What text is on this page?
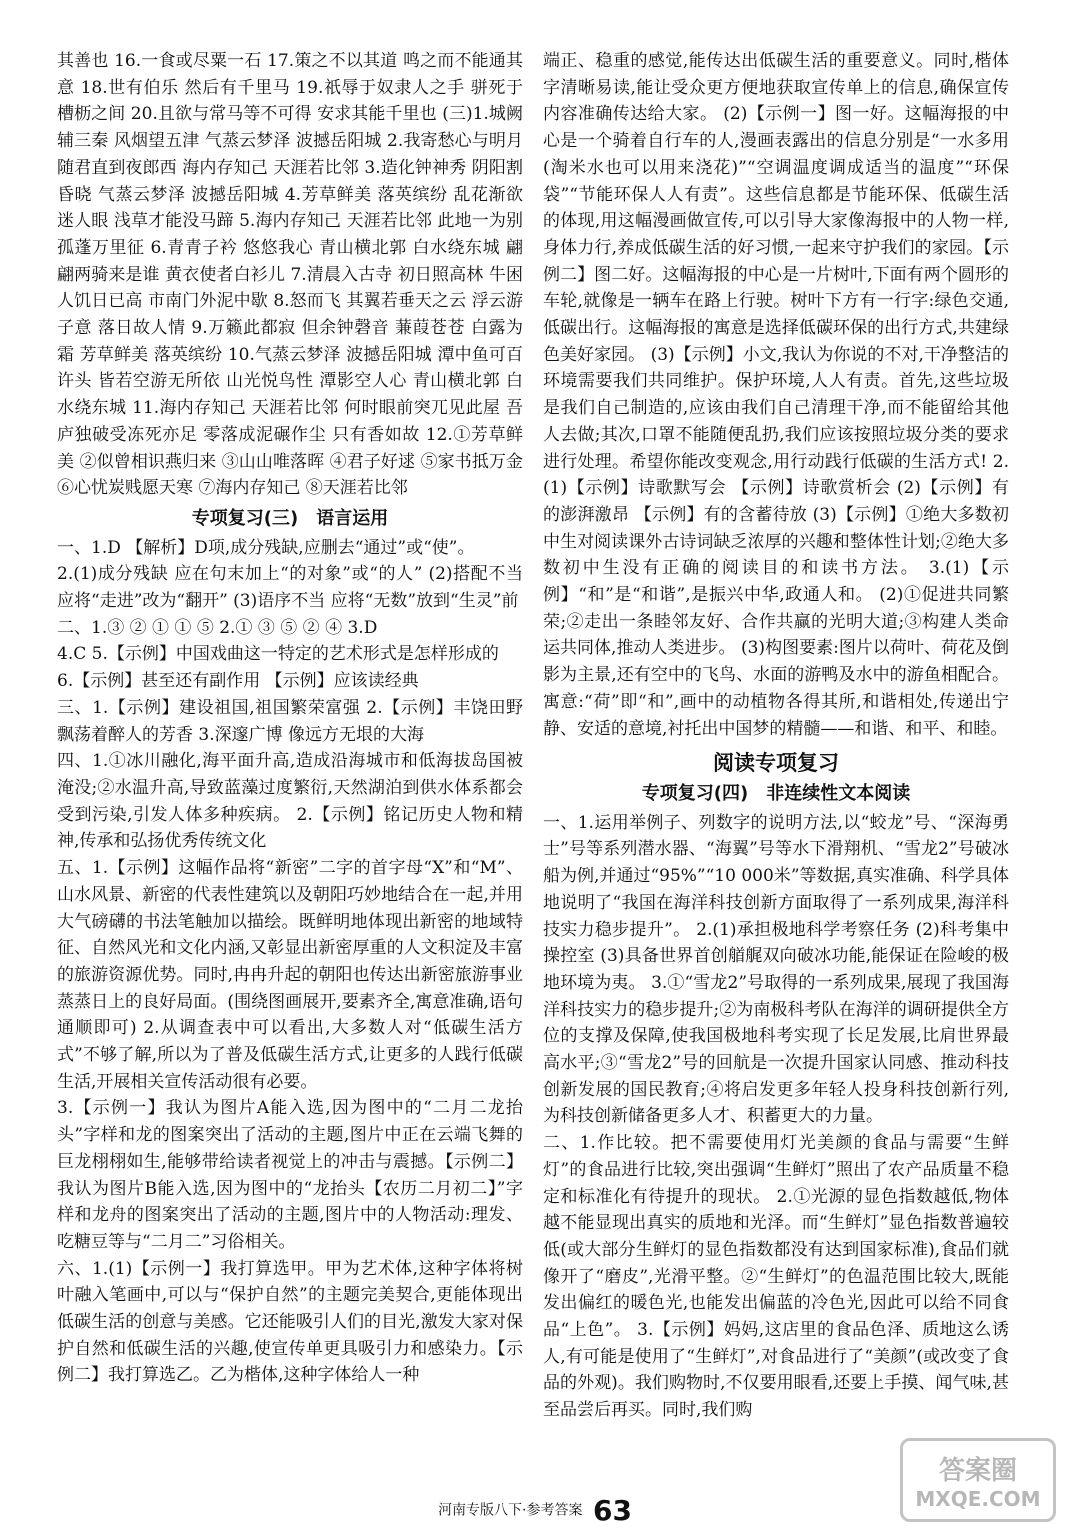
其善也 16.一食或尽粟一石 17.策之不以其道 鸣之而不能通其意 18.世有伯乐 然后有千里马 19.祇辱于奴隶人之手 骈死于槽枥之间 20.且欲与常马等不可得 安求其能千里也 (三)1.城阙辅三秦 风烟望五津 气蒸云梦泽 波撼岳阳城 2.我寄愁心与明月 随君直到夜郎西 海内存知己 天涯若比邻 3.造化钟神秀 阴阳割昏晓 气蒸云梦泽 波撼岳阳城 4.芳草鲜美 落英缤纷 乱花渐欲迷人眼 浅草才能没马蹄 5.海内存知己 天涯若比邻 此地一为别 孤蓬万里征 6.青青子衿 悠悠我心 青山横北郭 白水绕东城 翩翩两骑来是谁 黄衣使者白衫儿 7.清晨入古寺 初日照高林 牛困人饥日已高 市南门外泥中歇 8.怒而飞 其翼若垂天之云 浮云游子意 落日故人情 9.万籁此都寂 但余钟磬音 蒹葭苍苍 白露为霜 芳草鲜美 落英缤纷 10.气蒸云梦泽 波撼岳阳城 潭中鱼可百许头 皆若空游无所依 山光悦鸟性 潭影空人心 青山横北郭 白水绕东城 11.海内存知己 天涯若比邻 何时眼前突兀见此屋 吾庐独破受冻死亦足 零落成泥碾作尘 只有香如故 12.①芳草鲜美 ②似曾相识燕归来 ③山山唯落晖 ④君子好逑 ⑤家书抵万金 ⑥心忧炭贱愿天寒 ⑦海内存知己 ⑧天涯若比邻

专项复习(三)　语言运用

一、1.D 【解析】D项,成分残缺,应删去“通过”或“使”。

2.(1)成分残缺 应在句末加上“的对象”或“的人” (2)搭配不当 应将“走进”改为“翻开” (3)语序不当 应将“无数”放到“生灵”前

二、1.③ ② ① ① ⑤ 2.① ③ ⑤ ② ④ 3.D

4.C 5.【示例】中国戏曲这一特定的艺术形式是怎样形成的

6.【示例】甚至还有副作用 【示例】应该读经典

三、1.【示例】建设祖国,祖国繁荣富强 2.【示例】丰饶田野飘荡着醉人的芳香 3.深邃广博 像远方无垠的大海

四、1.①冰川融化,海平面升高,造成沿海城市和低海拔岛国被淹没;②水温升高,导致蓝藻过度繁衍,天然湖泊到供水体系都会受到污染,引发人体多种疾病。 2.【示例】铭记历史人物和精神,传承和弘扬优秀传统文化

五、1.【示例】这幅作品将“新密”二字的首字母“X”和“M”、山水风景、新密的代表性建筑以及朝阳巧妙地结合在一起,并用大气磅礴的书法笔触加以描绘。既鲜明地体现出新密的地域特征、自然风光和文化内涵,又彰显出新密厚重的人文积淀及丰富的旅游资源优势。同时,冉冉升起的朝阳也传达出新密旅游事业蒸蒸日上的良好局面。(围绕图画展开,要素齐全,寓意准确,语句通顺即可) 2.从调查表中可以看出,大多数人对“低碳生活方式”不够了解,所以为了普及低碳生活方式,让更多的人践行低碳生活,开展相关宣传活动很有必要。

3.【示例一】我认为图片A能入选,因为图中的“二月二龙抬头”字样和龙的图案突出了活动的主题,图片中正在云端飞舞的巨龙栩栩如生,能够带给读者视觉上的冲击与震撼。【示例二】我认为图片B能入选,因为图中的“龙抬头【农历二月初二】”字样和龙舟的图案突出了活动的主题,图片中的人物活动:理发、吃糖豆等与“二月二”习俗相关。

六、1.(1)【示例一】我打算选甲。甲为艺术体,这种字体将树叶融入笔画中,可以与“保护自然”的主题完美契合,更能体现出低碳生活的创意与美感。它还能吸引人们的目光,激发大家对保护自然和低碳生活的兴趣,使宣传单更具吸引力和感染力。【示例二】我打算选乙。乙为楷体,这种字体给人一种

端正、稳重的感觉,能传达出低碳生活的重要意义。同时,楷体字清晰易读,能让受众更方便地获取宣传单上的信息,确保宣传内容准确传达给大家。 (2)【示例一】图一好。这幅海报的中心是一个骑着自行车的人,漫画表露出的信息分别是“一水多用(淘米水也可以用来浇花)”“空调温度调成适当的温度”“环保袋”“节能环保人人有责”。这些信息都是节能环保、低碳生活的体现,用这幅漫画做宣传,可以引导大家像海报中的人物一样,身体力行,养成低碳生活的好习惯,一起来守护我们的家园。【示例二】图二好。这幅海报的中心是一片树叶,下面有两个圆形的车轮,就像是一辆车在路上行驶。树叶下方有一行字:绿色交通,低碳出行。这幅海报的寓意是选择低碳环保的出行方式,共建绿色美好家园。 (3)【示例】小文,我认为你说的不对,干净整洁的环境需要我们共同维护。保护环境,人人有责。首先,这些垃圾是我们自己制造的,应该由我们自己清理干净,而不能留给其他人去做;其次,口罩不能随便乱扔,我们应该按照垃圾分类的要求进行处理。希望你能改变观念,用行动践行低碳的生活方式! 2.(1)【示例】诗歌默写会 【示例】诗歌赏析会 (2)【示例】有的澎湃激昂 【示例】有的含蓄待放 (3)【示例】①绝大多数初中生对阅读课外古诗词缺乏浓厚的兴趣和整体性计划;②绝大多数初中生没有正确的阅读目的和读书方法。 3.(1)【示例】“和”是“和谐”,是振兴中华,政通人和。 (2)①促进共同繁荣;②走出一条睦邻友好、合作共赢的光明大道;③构建人类命运共同体,推动人类进步。 (3)构图要素:图片以荷叶、荷花及倒影为主景,还有空中的飞鸟、水面的游鸭及水中的游鱼相配合。寓意:“荷”即“和”,画中的动植物各得其所,和谐相处,传递出宁静、安适的意境,衬托出中国梦的精髓——和谐、和平、和睦。

阅读专项复习
专项复习(四)　非连续性文本阅读

一、1.运用举例子、列数字的说明方法,以“蛟龙”号、“深海勇士”号等系列潜水器、“海翼”号等水下滑翔机、“雪龙2”号破冰船为例,并通过“95%”“10 000米”等数据,真实准确、科学具体地说明了“我国在海洋科技创新方面取得了一系列成果,海洋科技实力稳步提升”。 2.(1)承担极地科学考察任务 (2)科考集中操控室 (3)具备世界首创艏艉双向破冰功能,能保证在险峻的极地环境为夷。 3.①“雪龙2”号取得的一系列成果,展现了我国海洋科技实力的稳步提升;②为南极科考队在海洋的调研提供全方位的支撑及保障,使我国极地科考实现了长足发展,比肩世界最高水平;③“雪龙2”号的回航是一次提升国家认同感、推动科技创新发展的国民教育;④将启发更多年轻人投身科技创新行列,为科技创新储备更多人才、积蓄更大的力量。

二、1.作比较。把不需要使用灯光美颜的食品与需要“生鲜灯”的食品进行比较,突出强调“生鲜灯”照出了农产品质量不稳定和标准化有待提升的现状。 2.①光源的显色指数越低,物体越不能显现出真实的质地和光泽。而“生鲜灯”显色指数普遍较低(或大部分生鲜灯的显色指数都没有达到国家标准),食品们就像开了“磨皮”,光滑平整。②“生鲜灯”的色温范围比较大,既能发出偏红的暖色光,也能发出偏蓝的冷色光,因此可以给不同食品“上色”。 3.【示例】妈妈,这店里的食品色泽、质地这么诱人,有可能是使用了“生鲜灯”,对食品进行了“美颜”(或改变了食品的外观)。我们购物时,不仅要用眼看,还要上手摸、闻气味,甚至品尝后再买。同时,我们购

河南专版八下·参考答案 63
答案圈
MXQE.COM
